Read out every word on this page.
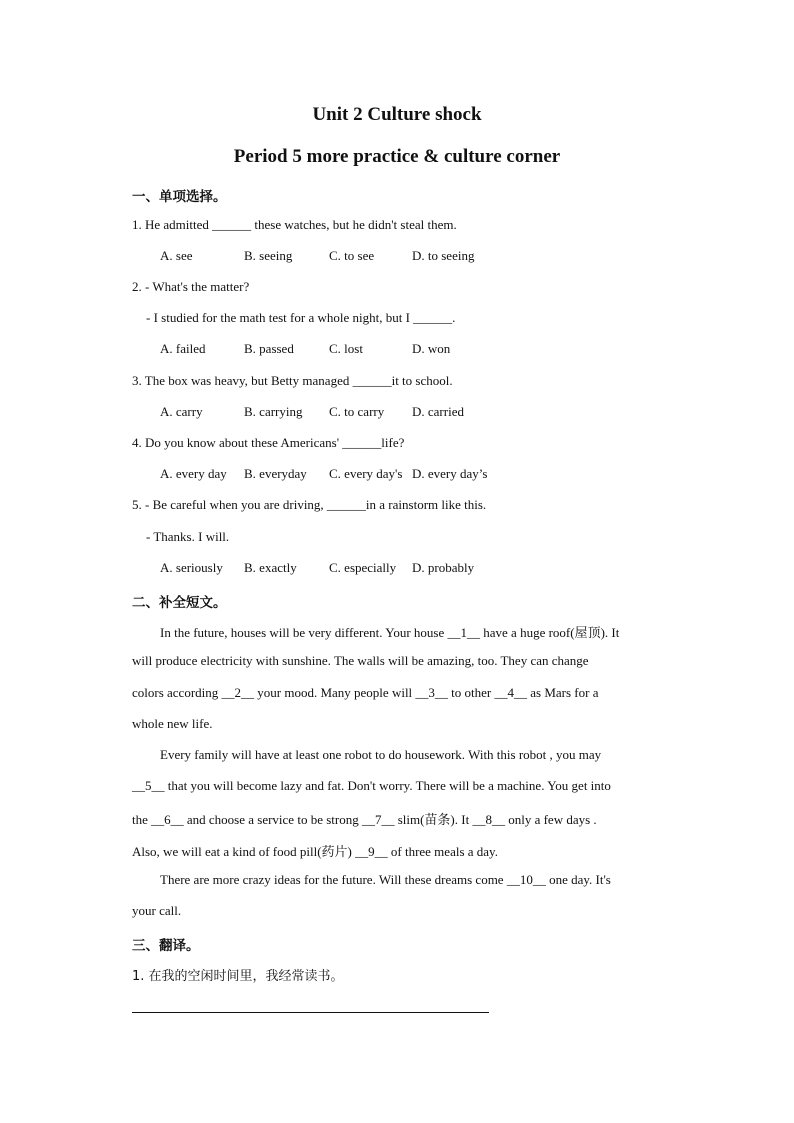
Unit 2 Culture shock
Period 5 more practice & culture corner
一、单项选择。
1. He admitted ______ these watches, but he didn't steal them.
A. see	B. seeing	C. to see	D. to seeing
2. - What's the matter?
- I studied for the math test for a whole night, but I ______.
A. failed	B. passed	C. lost	D. won
3. The box was heavy, but Betty managed ______it to school.
A. carry	B. carrying C. to carry D. carried
4. Do you know about these Americans' ______life?
A. every day B. everyday C. every day's D. every day’s
5. - Be careful when you are driving, ______in a rainstorm like this.
- Thanks. I will.
A. seriously B. exactly C. especially D. probably
二、补全短文。
In the future, houses will be very different. Your house __1__ have a huge roof(屋顶). It
will produce electricity with sunshine. The walls will be amazing, too. They can change
colors according __2__ your mood. Many people will __3__ to other __4__ as Mars for a
whole new life.
Every family will have at least one robot to do housework. With this robot , you may
__5__ that you will become lazy and fat. Don't worry. There will be a machine. You get into
the __6__ and choose a service to be strong __7__ slim(苗条). It __8__ only a few days .
Also, we will eat a kind of food pill(药片) __9__ of three meals a day.
There are more crazy ideas for the future. Will these dreams come __10__ one day. It's
your call.
三、翻译。
1. 在我的空闲时间里，我经常读书。
